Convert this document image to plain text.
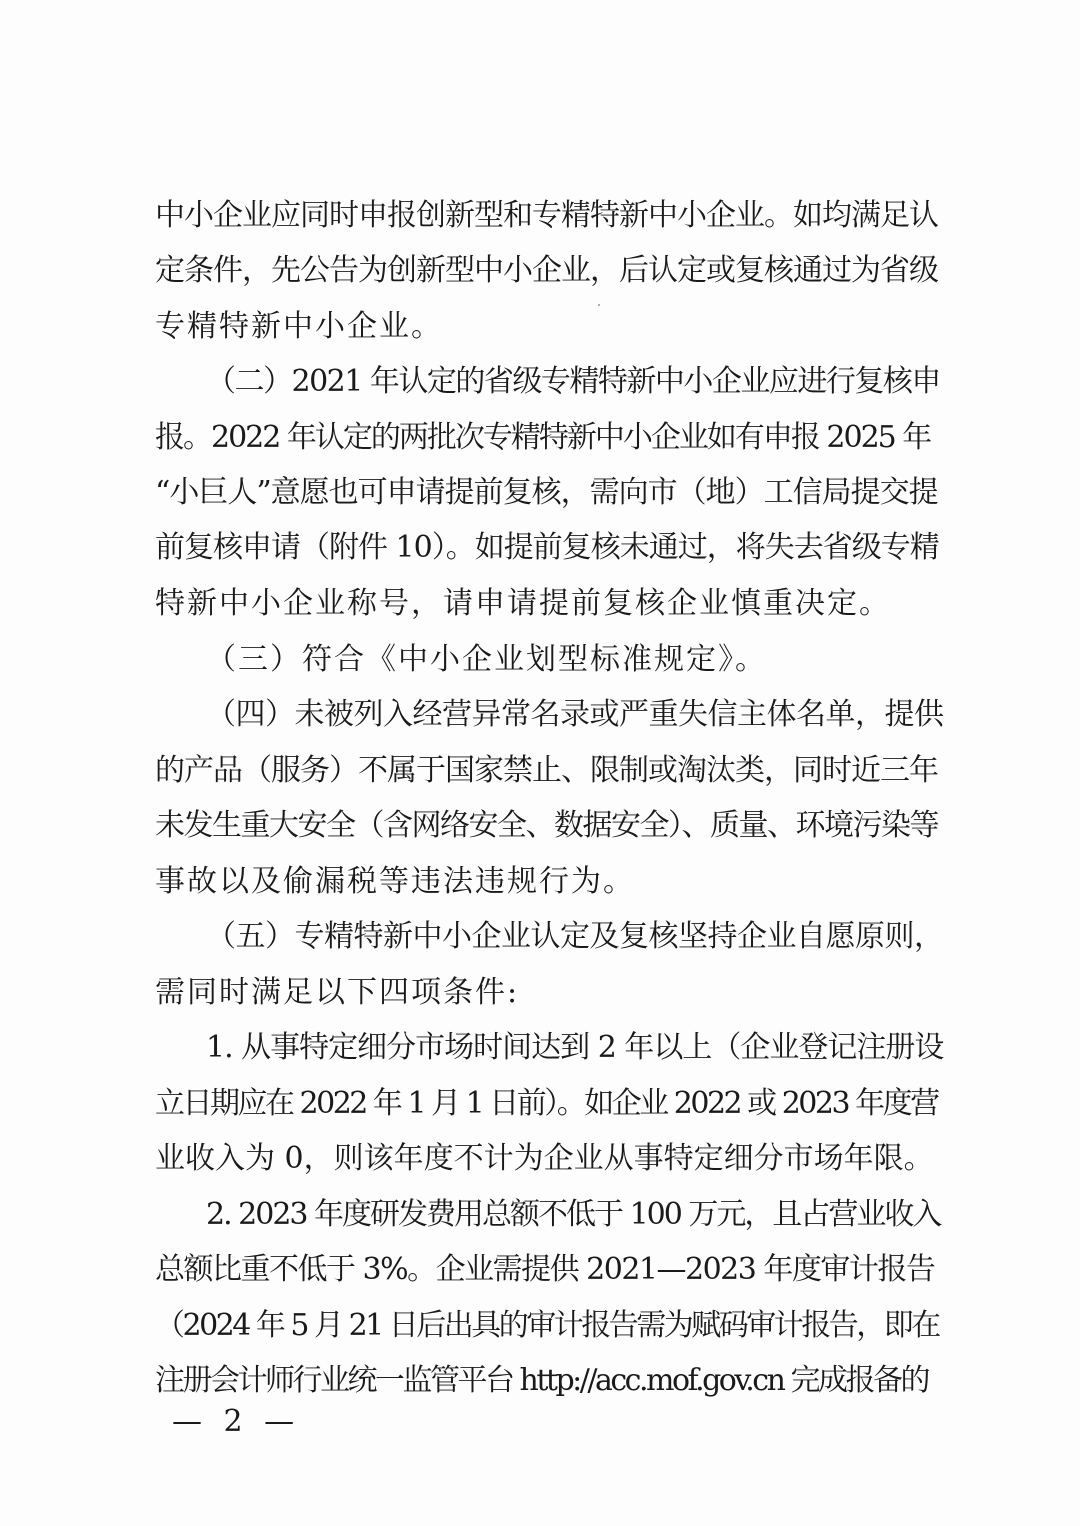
中小企业应同时申报创新型和专精特新中小企业。如均满足认
定条件，先公告为创新型中小企业，后认定或复核通过为省级
专精特新中小企业。
（二）2021 年认定的省级专精特新中小企业应进行复核申
报。2022 年认定的两批次专精特新中小企业如有申报 2025 年
“小巨人”意愿也可申请提前复核，需向市（地）工信局提交提
前复核申请（附件 10）。如提前复核未通过，将失去省级专精
特新中小企业称号，请申请提前复核企业慎重决定。
（三）符合《中小企业划型标准规定》。
（四）未被列入经营异常名录或严重失信主体名单，提供
的产品（服务）不属于国家禁止、限制或淘汰类，同时近三年
未发生重大安全（含网络安全、数据安全）、质量、环境污染等
事故以及偷漏税等违法违规行为。
（五）专精特新中小企业认定及复核坚持企业自愿原则，
需同时满足以下四项条件:
1. 从事特定细分市场时间达到 2 年以上（企业登记注册设
立日期应在 2022 年 1 月 1 日前）。如企业 2022 或 2023 年度营
业收入为 0，则该年度不计为企业从事特定细分市场年限。
2. 2023 年度研发费用总额不低于 100 万元，且占营业收入
总额比重不低于 3%。企业需提供 2021—2023 年度审计报告
（2024 年 5 月 21 日后出具的审计报告需为赋码审计报告，即在
注册会计师行业统一监管平台 http://acc.mof.gov.cn 完成报备的
— 2 —
